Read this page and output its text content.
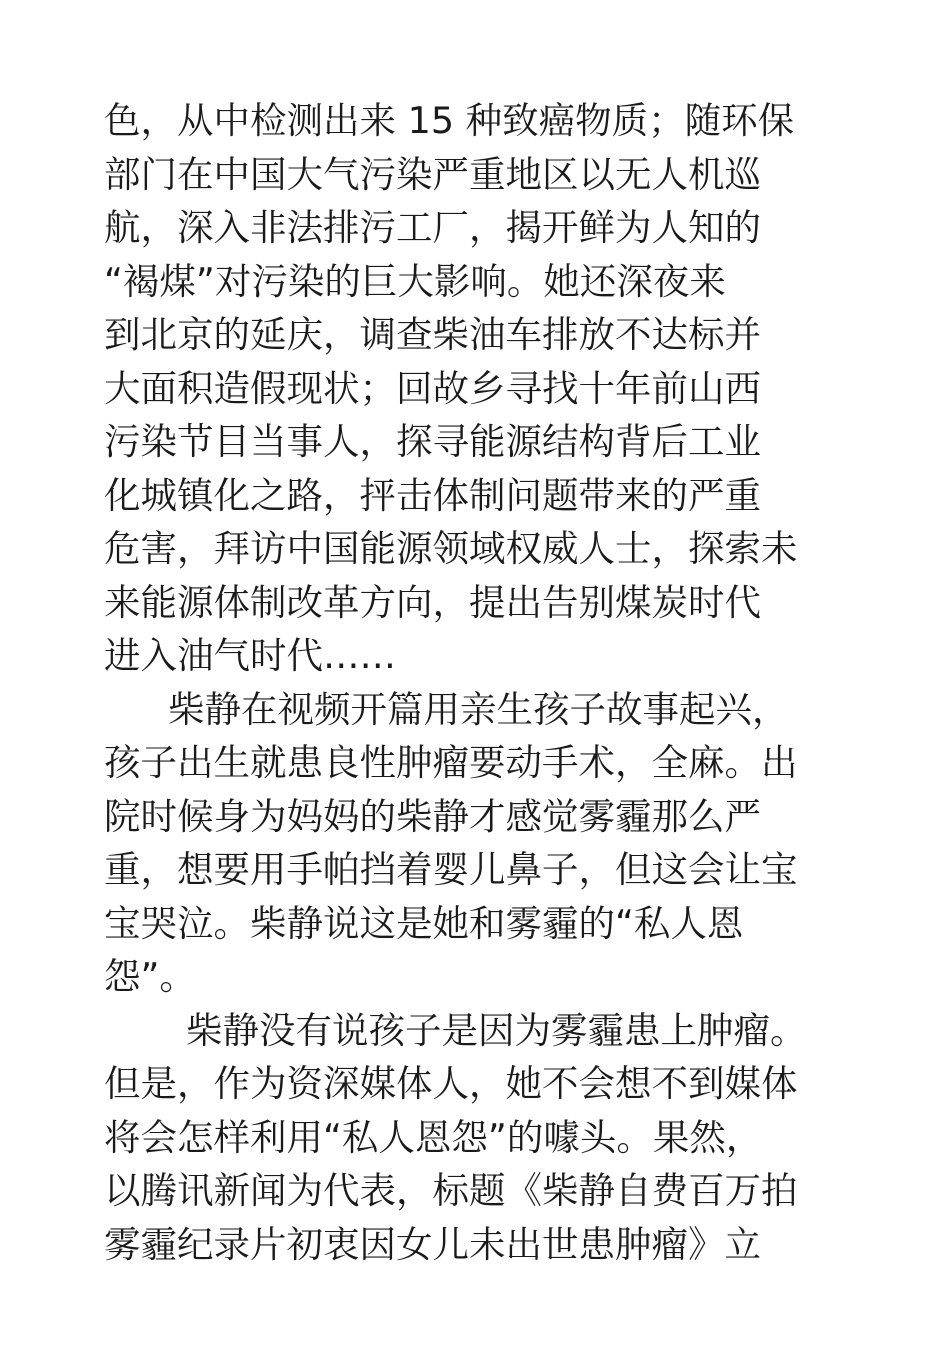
色，从中检测出来 15 种致癌物质；随环保
部门在中国大气污染严重地区以无人机巡
航，深入非法排污工厂，揭开鲜为人知的
“褐煤”对污染的巨大影响。她还深夜来
到北京的延庆，调查柴油车排放不达标并
大面积造假现状；回故乡寻找十年前山西
污染节目当事人，探寻能源结构背后工业
化城镇化之路，抨击体制问题带来的严重
危害，拜访中国能源领域权威人士，探索未
来能源体制改革方向，提出告别煤炭时代
进入油气时代……
柴静在视频开篇用亲生孩子故事起兴，
孩子出生就患良性肿瘤要动手术，全麻。出
院时候身为妈妈的柴静才感觉雾霾那么严
重，想要用手帕挡着婴儿鼻子，但这会让宝
宝哭泣。柴静说这是她和雾霾的“私人恩
怨”。
柴静没有说孩子是因为雾霾患上肿瘤。
但是，作为资深媒体人，她不会想不到媒体
将会怎样利用“私人恩怨”的噱头。果然，
以腾讯新闻为代表，标题《柴静自费百万拍
雾霾纪录片初衷因女儿未出世患肿瘤》立
